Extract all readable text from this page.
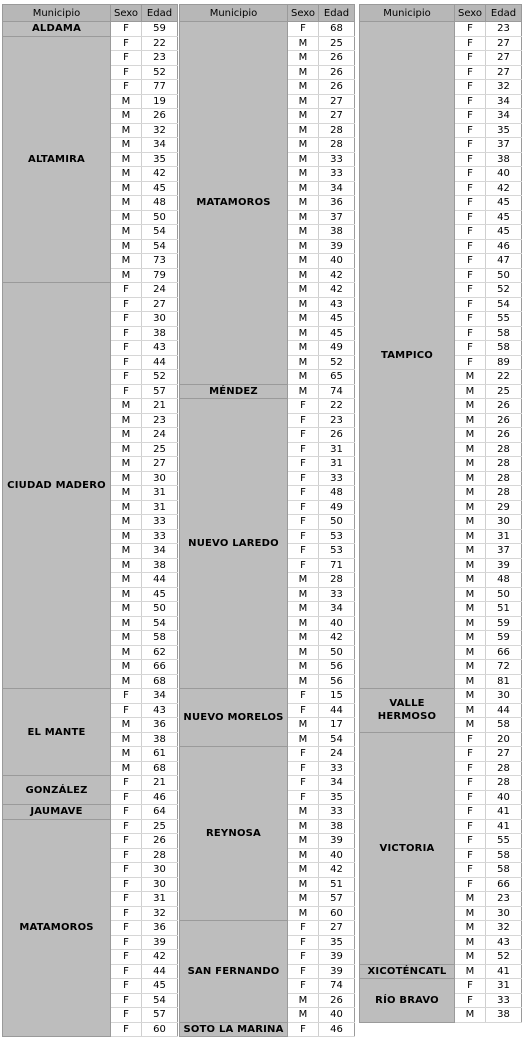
Municipio	Sexo	Edad
ALDAMA	F	59
ALTAMIRA	F	22
	F	23
	F	52
	F	77
	M	19
	M	26
	M	32
	M	34
	M	35
	M	42
	M	45
	M	48
	M	50
	M	54
	M	54
	M	73
	M	79
CIUDAD MADERO	F	24
	F	27
	F	30
	F	38
	F	43
	F	44
	F	52
	F	57
	M	21
	M	23
	M	24
	M	25
	M	27
	M	30
	M	31
	M	31
	M	33
	M	33
	M	34
	M	38
	M	44
	M	45
	M	50
	M	54
	M	58
	M	62
	M	66
	M	68
EL MANTE	F	34
	F	43
	M	36
	M	38
	M	61
	M	68
GONZÁLEZ	F	21
	F	46
JAUMAVE	F	64
MATAMOROS	F	25
	F	26
	F	28
	F	30
	F	30
	F	31
	F	32
	F	36
	F	39
	F	42
	F	44
	F	45
	F	54
	F	57
	F	60
Municipio	Sexo	Edad
MATAMOROS	F	68
	M	25
	M	26
	M	26
	M	26
	M	27
	M	27
	M	28
	M	28
	M	33
	M	33
	M	34
	M	36
	M	37
	M	38
	M	39
	M	40
	M	42
	M	42
	M	43
	M	45
	M	45
	M	49
	M	52
	M	65
MÉNDEZ	M	74
NUEVO LAREDO	F	22
	F	23
	F	26
	F	31
	F	31
	F	33
	F	48
	F	49
	F	50
	F	53
	F	53
	F	71
	M	28
	M	33
	M	34
	M	40
	M	42
	M	50
	M	56
	M	56
NUEVO MORELOS	F	15
	F	44
	M	17
	M	54
REYNOSA	F	24
	F	33
	F	34
	F	35
	M	33
	M	38
	M	39
	M	40
	M	42
	M	51
	M	57
	M	60
SAN FERNANDO	F	27
	F	35
	F	39
	F	39
	F	74
	M	26
	M	40
SOTO LA MARINA	F	46
Municipio	Sexo	Edad
TAMPICO	F	23
	F	27
	F	27
	F	27
	F	32
	F	34
	F	34
	F	35
	F	37
	F	38
	F	40
	F	42
	F	45
	F	45
	F	45
	F	46
	F	47
	F	50
	F	52
	F	54
	F	55
	F	58
	F	58
	F	89
	M	22
	M	25
	M	26
	M	26
	M	26
	M	28
	M	28
	M	28
	M	28
	M	29
	M	30
	M	31
	M	37
	M	39
	M	48
	M	50
	M	51
	M	59
	M	59
	M	66
	M	72
	M	81
VALLE HERMOSO	M	30
	M	44
	M	58
VICTORIA	F	20
	F	27
	F	28
	F	28
	F	40
	F	41
	F	41
	F	55
	F	58
	F	58
	F	66
	M	23
	M	30
	M	32
	M	43
	M	52
XICOTÉNCATL	M	41
RÍO BRAVO	F	31
	F	33
	M	38
